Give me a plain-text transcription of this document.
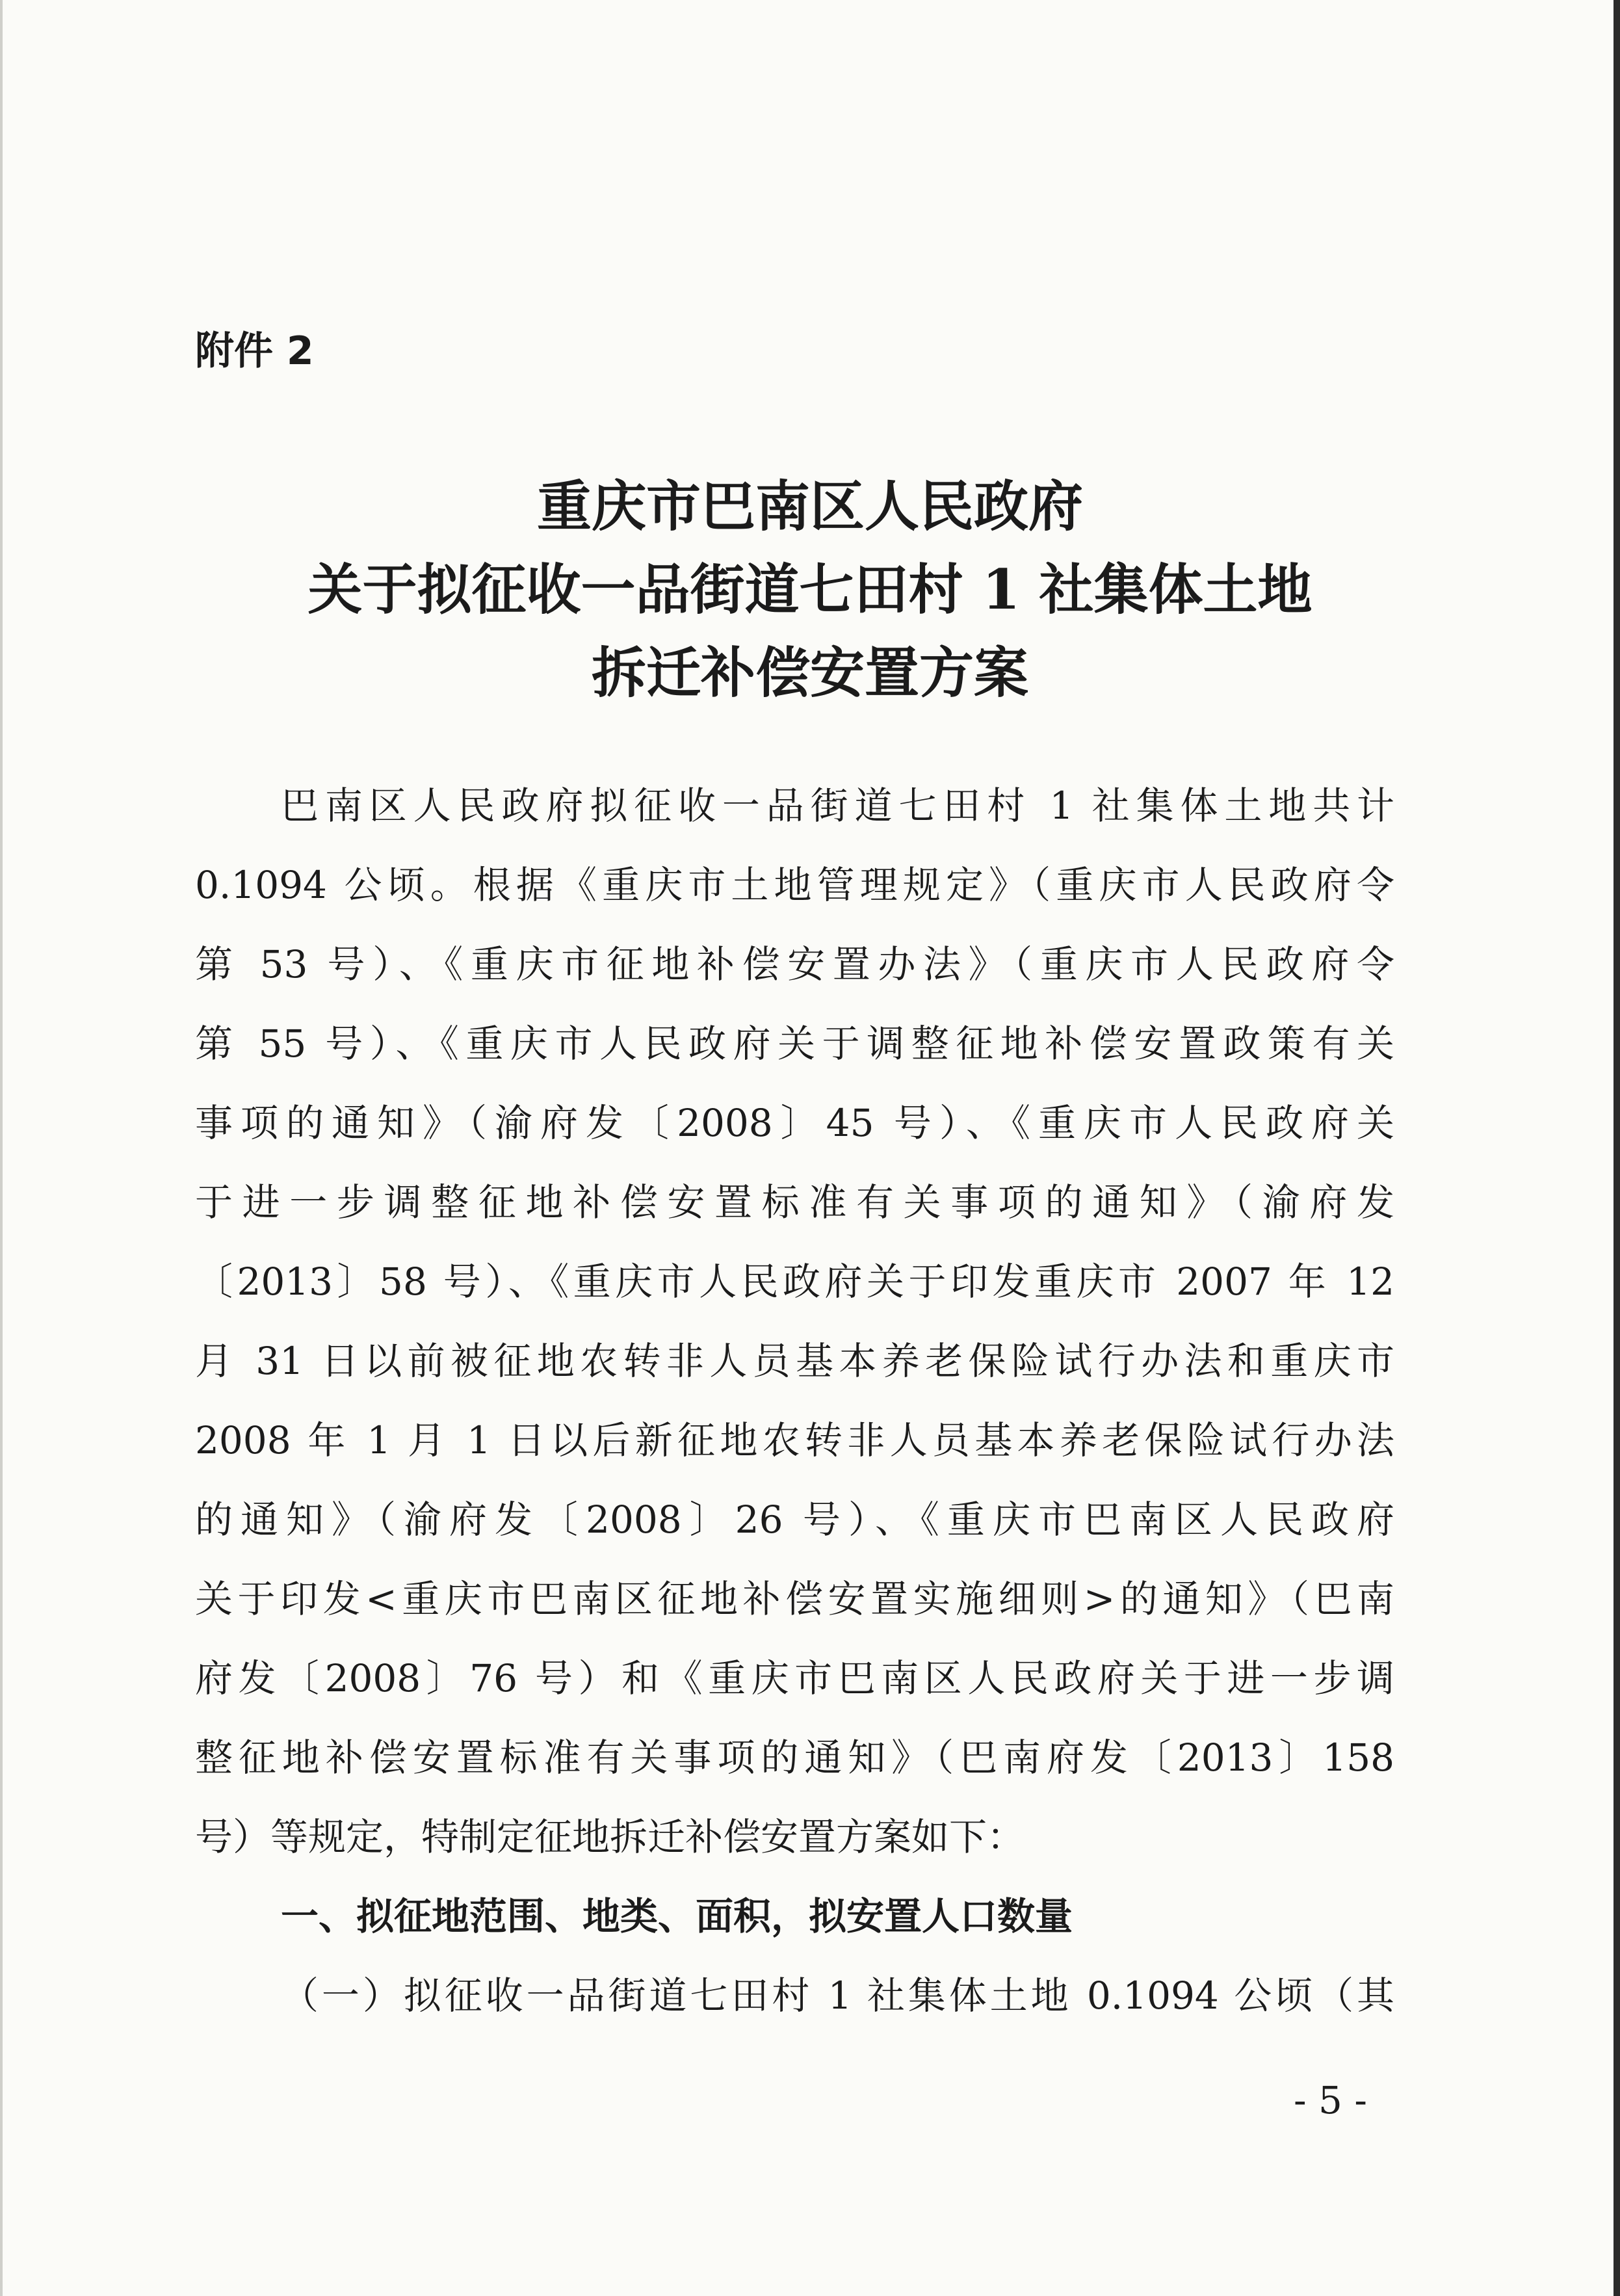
附件 2
重庆市巴南区人民政府
关于拟征收一品街道七田村 1 社集体土地
拆迁补偿安置方案
巴南区人民政府拟征收一品街道七田村 1 社集体土地共计
0.1094 公顷。根据《重庆市土地管理规定》（重庆市人民政府令
第 53 号）、《重庆市征地补偿安置办法》（重庆市人民政府令
第 55 号）、《重庆市人民政府关于调整征地补偿安置政策有关
事项的通知》（渝府发〔2008〕45 号）、《重庆市人民政府关
于进一步调整征地补偿安置标准有关事项的通知》（渝府发
〔2013〕58 号）、《重庆市人民政府关于印发重庆市 2007 年 12
月 31 日以前被征地农转非人员基本养老保险试行办法和重庆市
2008 年 1 月 1 日以后新征地农转非人员基本养老保险试行办法
的通知》（渝府发〔2008〕26 号）、《重庆市巴南区人民政府
关于印发<重庆市巴南区征地补偿安置实施细则>的通知》（巴南
府发〔2008〕76 号）和《重庆市巴南区人民政府关于进一步调
整征地补偿安置标准有关事项的通知》（巴南府发〔2013〕158
号）等规定，特制定征地拆迁补偿安置方案如下：
一、拟征地范围、地类、面积，拟安置人口数量
（一）拟征收一品街道七田村 1 社集体土地 0.1094 公顷（其
- 5 -
